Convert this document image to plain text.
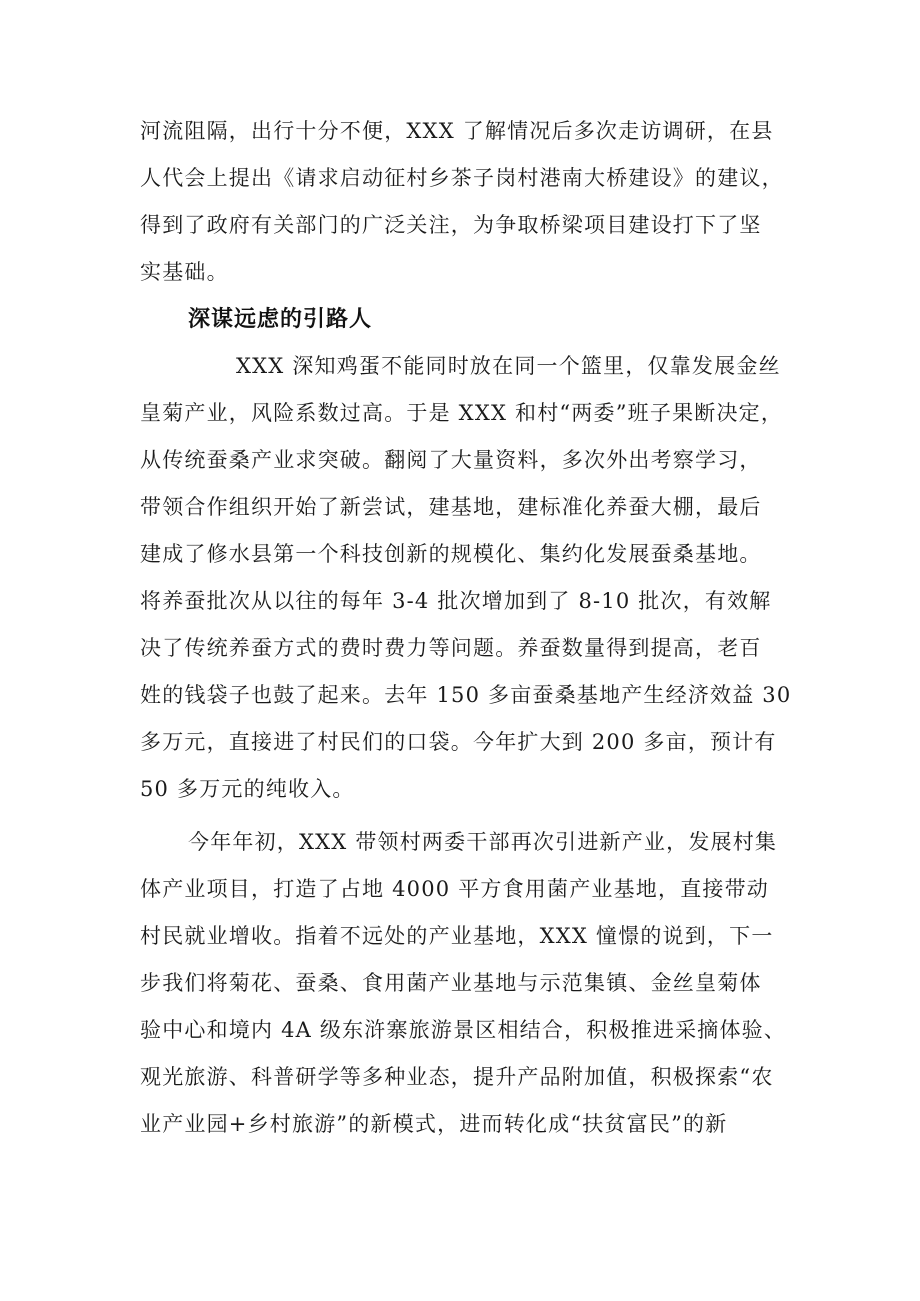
河流阻隔，出行十分不便，XXX 了解情况后多次走访调研，在县
人代会上提出《请求启动征村乡茶子岗村港南大桥建设》的建议，
得到了政府有关部门的广泛关注，为争取桥梁项目建设打下了坚
实基础。

深谋远虑的引路人

XXX 深知鸡蛋不能同时放在同一个篮里，仅靠发展金丝
皇菊产业，风险系数过高。于是 XXX 和村“两委”班子果断决定，
从传统蚕桑产业求突破。翻阅了大量资料，多次外出考察学习，
带领合作组织开始了新尝试，建基地，建标准化养蚕大棚，最后
建成了修水县第一个科技创新的规模化、集约化发展蚕桑基地。
将养蚕批次从以往的每年 3-4 批次增加到了 8-10 批次，有效解
决了传统养蚕方式的费时费力等问题。养蚕数量得到提高，老百
姓的钱袋子也鼓了起来。去年 150 多亩蚕桑基地产生经济效益 30
多万元，直接进了村民们的口袋。今年扩大到 200 多亩，预计有
50 多万元的纯收入。

今年年初，XXX 带领村两委干部再次引进新产业，发展村集
体产业项目，打造了占地 4000 平方食用菌产业基地，直接带动
村民就业增收。指着不远处的产业基地，XXX 憧憬的说到，下一
步我们将菊花、蚕桑、食用菌产业基地与示范集镇、金丝皇菊体
验中心和境内 4A 级东浒寨旅游景区相结合，积极推进采摘体验、
观光旅游、科普研学等多种业态，提升产品附加值，积极探索“农
业产业园+乡村旅游”的新模式，进而转化成“扶贫富民”的新
